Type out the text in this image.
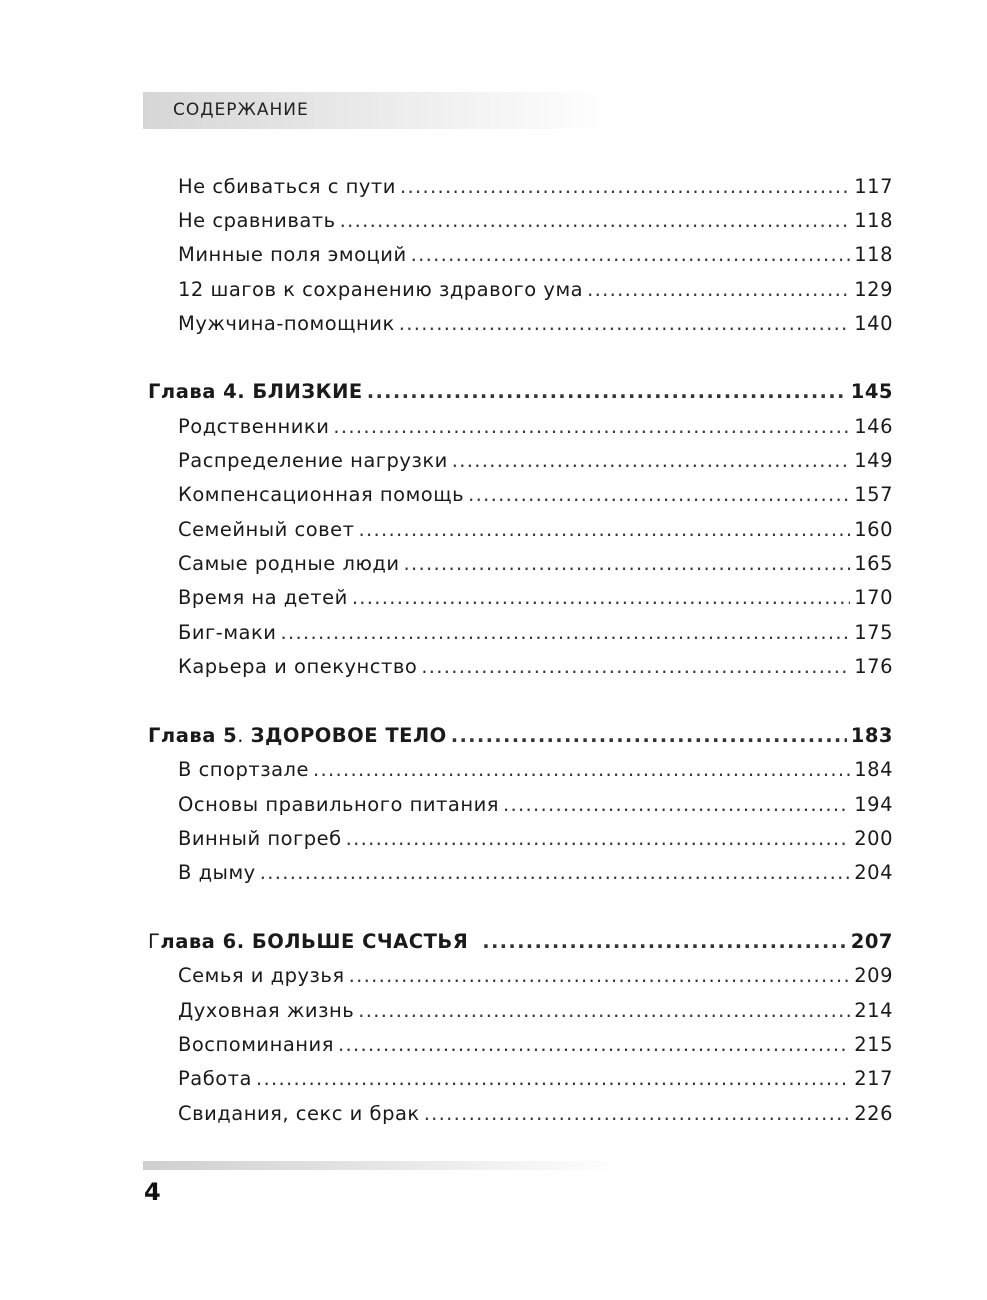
СОДЕРЖАНИЕ
Не сбиваться с пути .....	117
Не сравнивать .....	118
Минные поля эмоций .....	118
12 шагов к сохранению здравого ума .....	129
Мужчина-помощник .....	140
Глава 4. БЛИЗКИЕ .....	145
Родственники .....	146
Распределение нагрузки .....	149
Компенсационная помощь .....	157
Семейный совет .....	160
Самые родные люди .....	165
Время на детей .....	170
Биг-маки .....	175
Карьера и опекунство .....	176
Глава 5. ЗДОРОВОЕ ТЕЛО .....	183
В спортзале .....	184
Основы правильного питания .....	194
Винный погреб .....	200
В дыму .....	204
Глава 6. БОЛЬШЕ СЧАСТЬЯ .....	207
Семья и друзья .....	209
Духовная жизнь .....	214
Воспоминания .....	215
Работа .....	217
Свидания, секс и брак .....	226
4
